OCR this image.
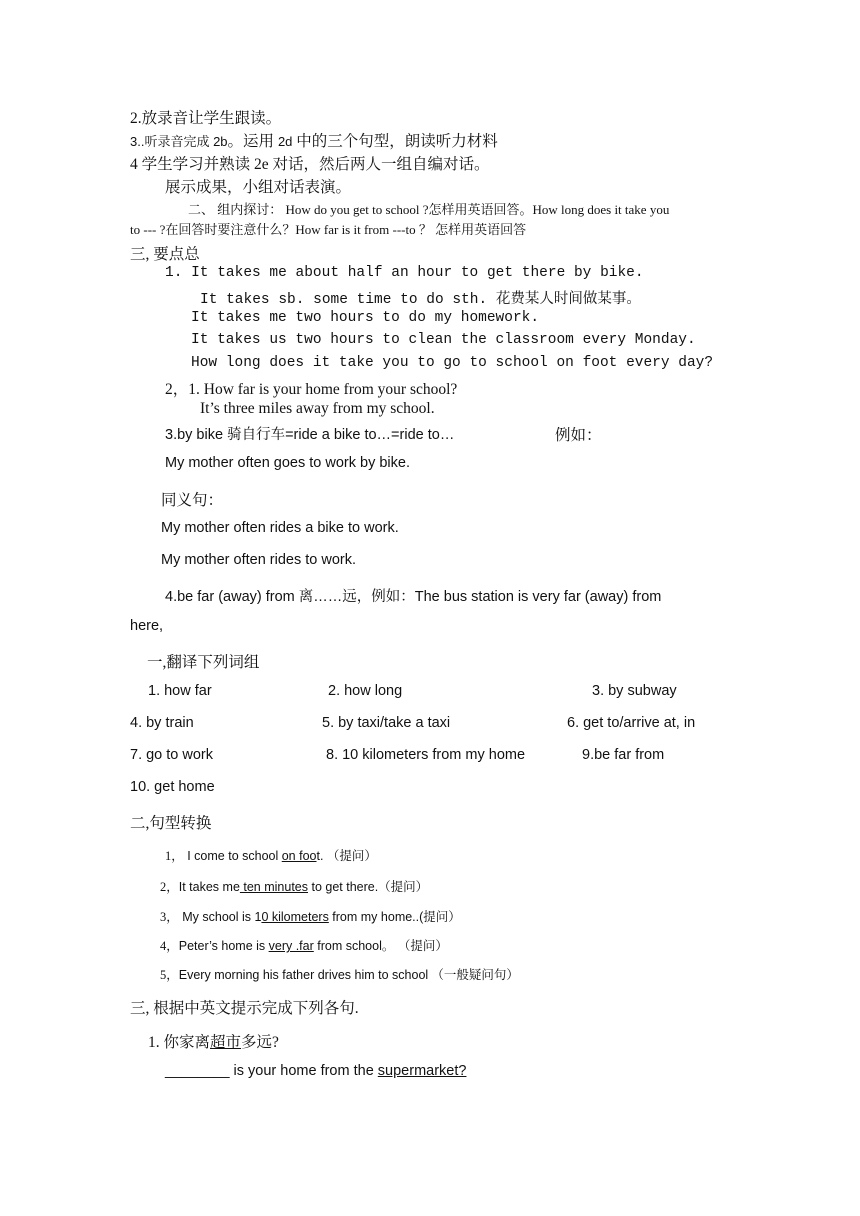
2.放录音让学生跟读。
3..听录音完成 2b。运用 2d 中的三个句型，朗读听力材料
4 学生学习并熟读 2e 对话，然后两人一组自编对话。
展示成果，小组对话表演。
二、 组内探讨： How do you get to school ?怎样用英语回答。How long does it take you
to --- ?在回答时要注意什么？How far is it from ---to ？ 怎样用英语回答
三, 要点总
1. It takes me about half an hour to get there by bike.
It takes sb. some time to do sth. 花费某人时间做某事。
It takes me two hours to do my homework.
It takes us two hours to clean the classroom every Monday.
How long does it take you to go to school on foot every day?
2，1. How far is your home from your school?
It’s three miles away from my school.
3.by bike 骑自行车=ride a bike to…=ride to…	例如：
My mother often goes to work by bike.
同义句：
My mother often rides a bike to work.
My mother often rides to work.
4.be far (away) from 离……远，例如：The bus station is very far (away) from
here,
一,翻译下列词组
1. how far	2. how long	3. by subway
4. by train	5. by taxi/take a taxi	6. get to/arrive at, in
7. go to work	8. 10 kilometers from my home	9.be far from
10. get home
二,句型转换
1， I come to school on foot. （提问）
2，It takes me ten minutes to get there.（提问）
3， My school is 10 kilometers from my home..(提问）
4，Peter’s home is very .far from school。 （提问）
5，Every morning his father drives him to school （一般疑问句）
三, 根据中英文提示完成下列各句.
1. 你家离超市多远?
________ is your home from the supermarket?
